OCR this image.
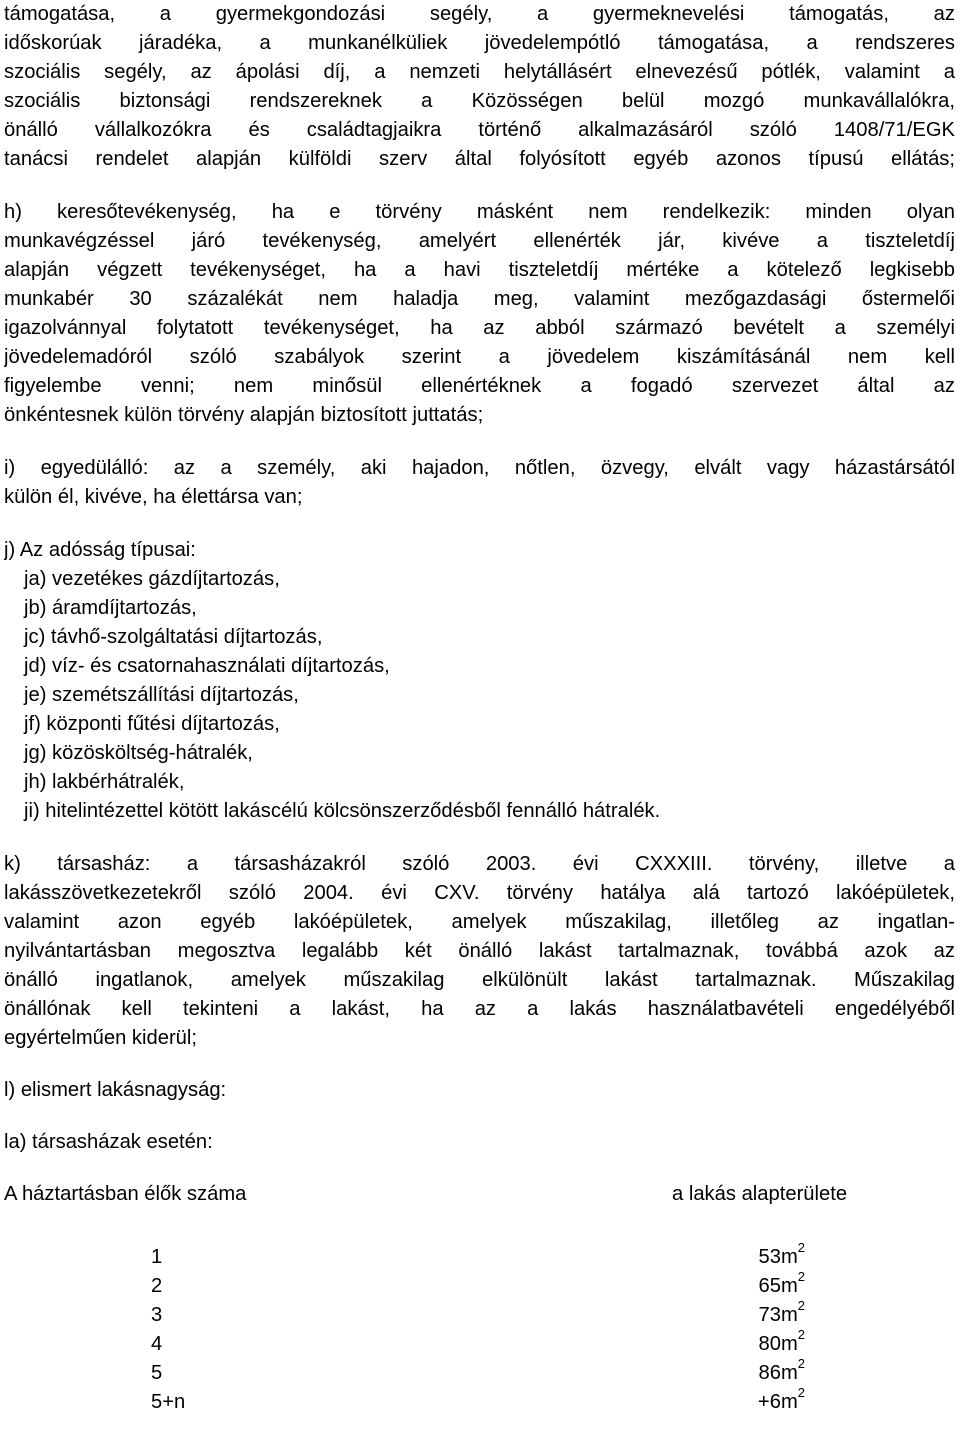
támogatása, a gyermekgondozási segély, a gyermeknevelési támogatás, az
időskorúak járadéka, a munkanélküliek jövedelempótló támogatása, a rendszeres
szociális segély, az ápolási díj, a nemzeti helytállásért elnevezésű pótlék, valamint a
szociális biztonsági rendszereknek a Közösségen belül mozgó munkavállalókra,
önálló vállalkozókra és családtagjaikra történő alkalmazásáról szóló 1408/71/EGK
tanácsi rendelet alapján külföldi szerv által folyósított egyéb azonos típusú ellátás;
h) keresőtevékenység, ha e törvény másként nem rendelkezik: minden olyan
munkavégzéssel járó tevékenység, amelyért ellenérték jár, kivéve a tiszteletdíj
alapján végzett tevékenységet, ha a havi tiszteletdíj mértéke a kötelező legkisebb
munkabér 30 százalékát nem haladja meg, valamint mezőgazdasági őstermelői
igazolvánnyal folytatott tevékenységet, ha az abból származó bevételt a személyi
jövedelemadóról szóló szabályok szerint a jövedelem kiszámításánál nem kell
figyelembe venni; nem minősül ellenértéknek a fogadó szervezet által az
önkéntesnek külön törvény alapján biztosított juttatás;
i) egyedülálló: az a személy, aki hajadon, nőtlen, özvegy, elvált vagy házastársától
külön él, kivéve, ha élettársa van;
j) Az adósság típusai:
ja) vezetékes gázdíjtartozás,
jb) áramdíjtartozás,
jc) távhő-szolgáltatási díjtartozás,
jd) víz- és csatornahasználati díjtartozás,
je) szemétszállítási díjtartozás,
jf) központi fűtési díjtartozás,
jg) közösköltség-hátralék,
jh) lakbérhátralék,
ji) hitelintézettel kötött lakáscélú kölcsönszerződésből fennálló hátralék.
k) társasház: a társasházakról szóló 2003. évi CXXXIII. törvény, illetve a
lakásszövetkezetekről szóló 2004. évi CXV. törvény hatálya alá tartozó lakóépületek,
valamint azon egyéb lakóépületek, amelyek műszakilag, illetőleg az ingatlan-
nyilvántartásban megosztva legalább két önálló lakást tartalmaznak, továbbá azok az
önálló ingatlanok, amelyek műszakilag elkülönült lakást tartalmaznak. Műszakilag
önállónak kell tekinteni a lakást, ha az a lakás használatbavételi engedélyéből
egyértelműen kiderül;
l) elismert lakásnagyság:
la) társasházak esetén:
A háztartásban élők száma	a lakás alapterülete
1	$53m^2$
2	$65m^2$
3	$73m^2$
4	$80m^2$
5	$86m^2$
5+n	$+6m^2$
